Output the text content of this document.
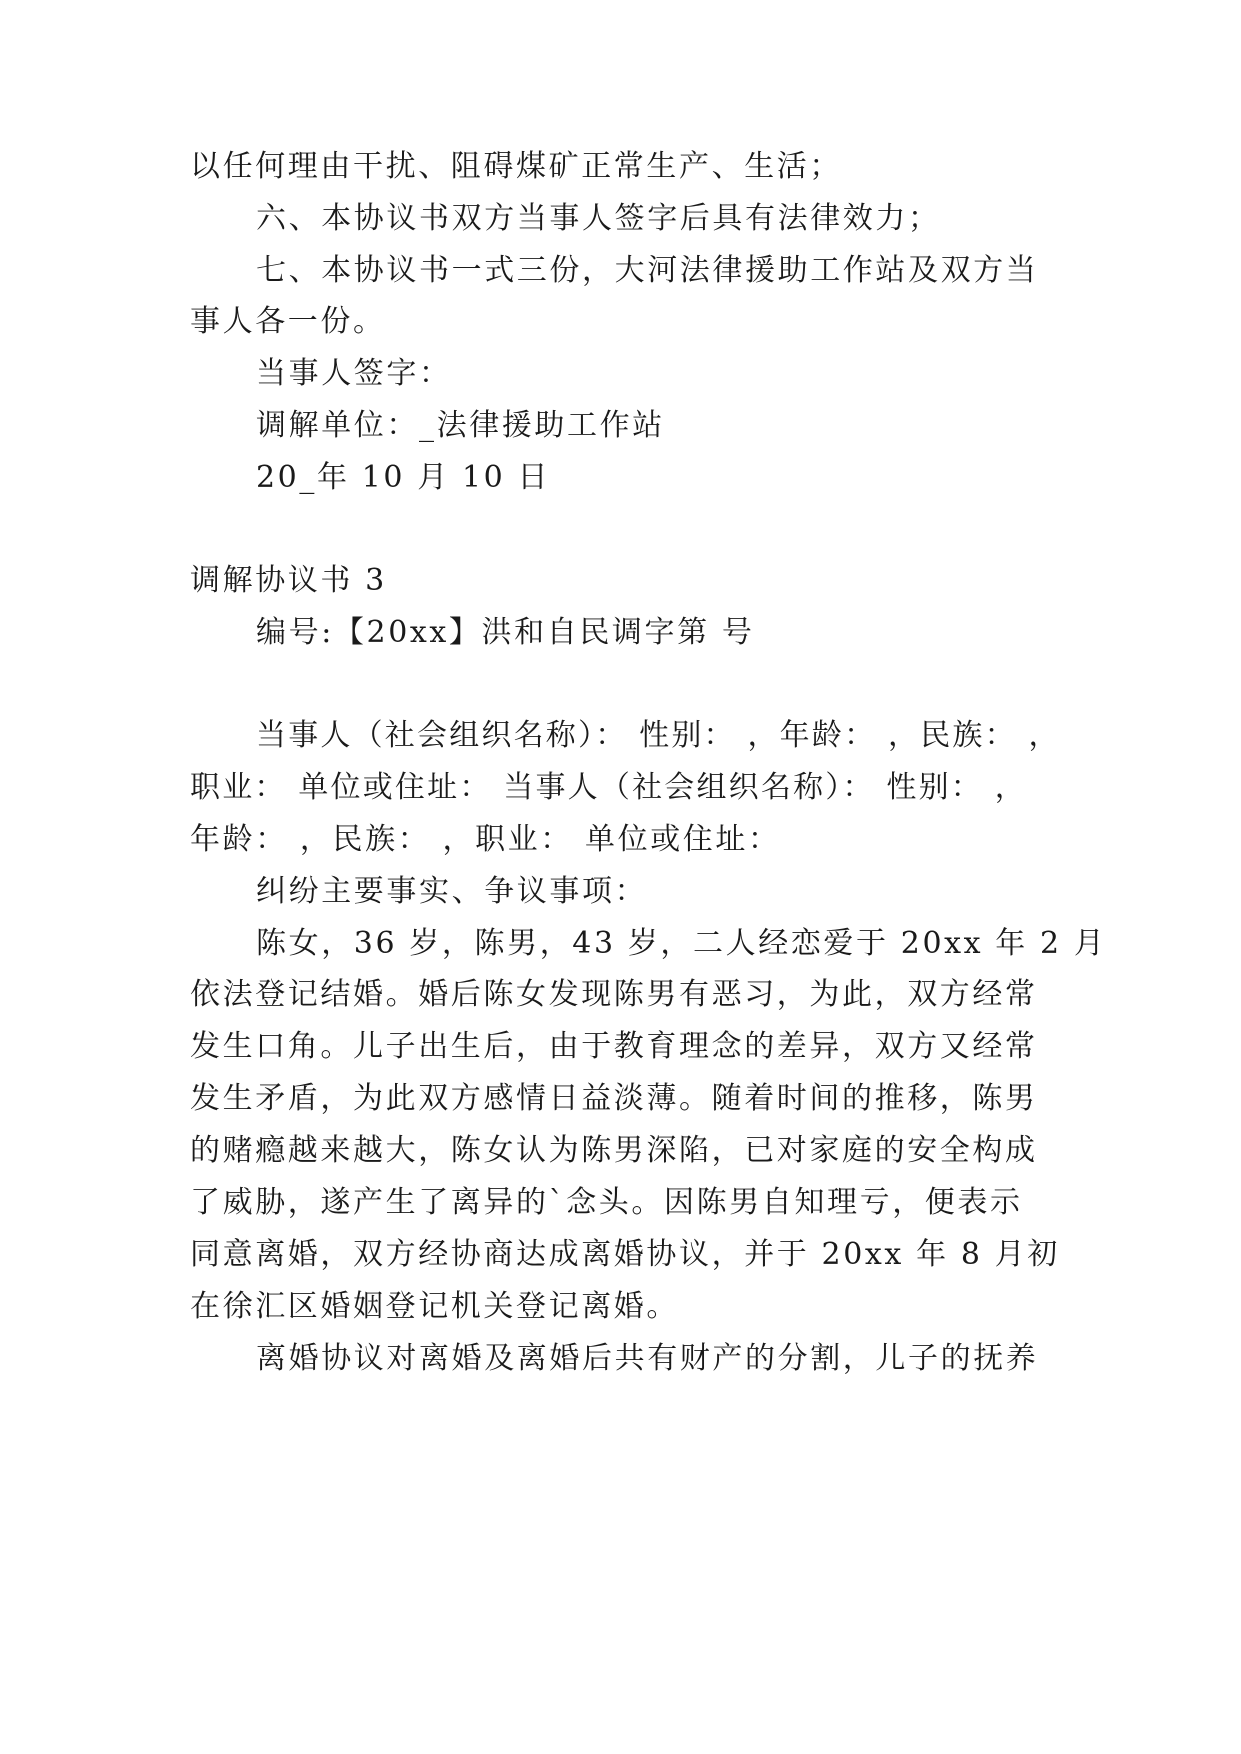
以任何理由干扰、阻碍煤矿正常生产、生活；
六、本协议书双方当事人签字后具有法律效力；
七、本协议书一式三份，大河法律援助工作站及双方当
事人各一份。
当事人签字：
调解单位：_法律援助工作站
20_年 10 月 10 日
调解协议书 3
编号:【20xx】洪和自民调字第 号
当事人（社会组织名称）： 性别： ，年龄： ，民族： ，
职业： 单位或住址： 当事人（社会组织名称）： 性别： ，
年龄： ，民族： ，职业： 单位或住址：
纠纷主要事实、争议事项：
陈女，36 岁，陈男，43 岁，二人经恋爱于 20xx 年 2 月
依法登记结婚。婚后陈女发现陈男有恶习，为此，双方经常
发生口角。儿子出生后，由于教育理念的差异，双方又经常
发生矛盾，为此双方感情日益淡薄。随着时间的推移，陈男
的赌瘾越来越大，陈女认为陈男深陷，已对家庭的安全构成
了威胁，遂产生了离异的`念头。因陈男自知理亏，便表示
同意离婚，双方经协商达成离婚协议，并于 20xx 年 8 月初
在徐汇区婚姻登记机关登记离婚。
离婚协议对离婚及离婚后共有财产的分割，儿子的抚养
